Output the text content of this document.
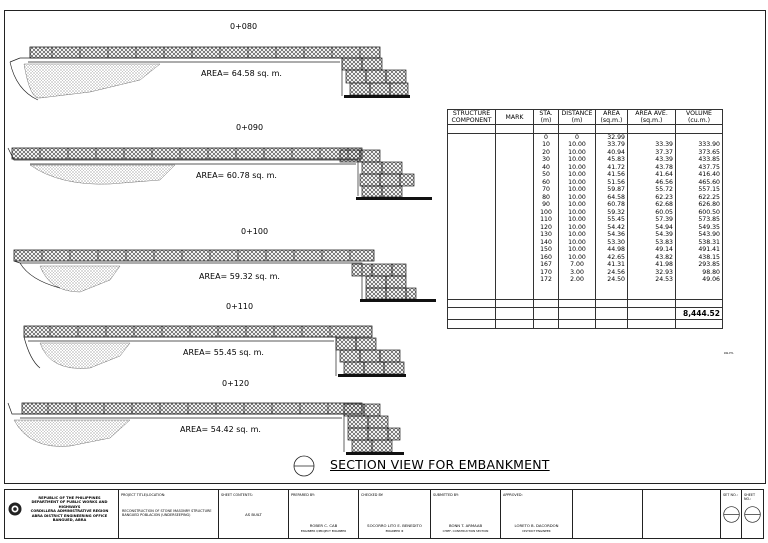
0+080
AREA= 64.58 sq. m.
0+090
AREA= 60.78 sq. m.
0+100
AREA= 59.32 sq. m.
0+110
AREA= 55.45 sq. m.
0+120
AREA= 54.42 sq. m.
STRUCTURE COMPONENT	MARK	STA. (m)	DISTANCE (m)	AREA (sq.m.)	AREA AVE. (sq.m.)	VOLUME (cu.m.)

		0	0	32.99		
		10	10.00	33.79	33.39	333.90
		20	10.00	40.94	37.37	373.65
		30	10.00	45.83	43.39	433.85
		40	10.00	41.72	43.78	437.75
		50	10.00	41.56	41.64	416.40
		60	10.00	51.56	46.56	465.60
		70	10.00	59.87	55.72	557.15
		80	10.00	64.58	62.23	622.25
		90	10.00	60.78	62.68	626.80
		100	10.00	59.32	60.05	600.50
		110	10.00	55.45	57.39	573.85
		120	10.00	54.42	54.94	549.35
		130	10.00	54.36	54.39	543.90
		140	10.00	53.30	53.83	538.31
		150	10.00	44.98	49.14	491.41
		160	10.00	42.65	43.82	438.15
		167	7.00	41.31	41.98	293.85
		170	3.00	24.56	32.93	98.80
		172	2.00	24.50	24.53	49.06

						8,444.52

cu.m.
SECTION VIEW FOR EMBANKMENT
REPUBLIC OF THE PHILIPPINES
DEPARTMENT OF PUBLIC WORKS AND HIGHWAYS
CORDILLERA ADMINISTRATIVE REGION
ABRA DISTRICT ENGINEERING OFFICE
BANGUED, ABRA
PROJECT TITLE/LOCATION:
RECONSTRUCTION OF STONE MASONRY STRUCTURE BANGUED POBLACION (UNDERSEEPING)
SHEET CONTENTS:
AS BUILT
PREPARED BY:
ROBER C. CAB
ENGINEER II/PROJECT ENGINEER
CHECKED BY:
SOCORRO LITO E. BENEDITO
ENGINEER III
SUBMITTED BY:
BONN T. ARMAAB
CHIEF, CONSTRUCTION SECTION
APPROVED:
LORETO B. DACORDON
DISTRICT ENGINEER
SET NO.: SHEET NO.:
